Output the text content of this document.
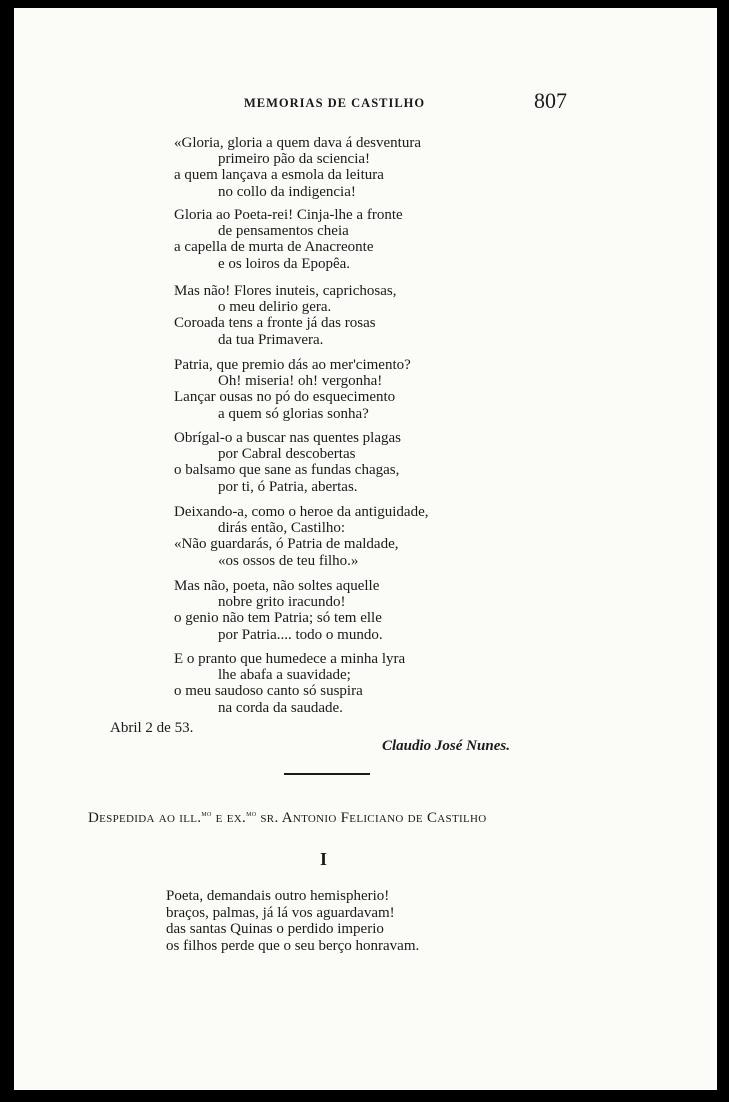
MEMORIAS DE CASTILHO	807
«Gloria, gloria a quem dava á desventura
primeiro pão da sciencia!
a quem lançava a esmola da leitura
no collo da indigencia!
Gloria ao Poeta-rei! Cinja-lhe a fronte
de pensamentos cheia
a capella de murta de Anacreonte
e os loiros da Epopêa.
Mas não! Flores inuteis, caprichosas,
o meu delirio gera.
Coroada tens a fronte já das rosas
da tua Primavera.
Patria, que premio dás ao mer'cimento?
Oh! miseria! oh! vergonha!
Lançar ousas no pó do esquecimento
a quem só glorias sonha?
Obrígal-o a buscar nas quentes plagas
por Cabral descobertas
o balsamo que sane as fundas chagas,
por ti, ó Patria, abertas.
Deixando-a, como o heroe da antiguidade,
dirás então, Castilho:
«Não guardarás, ó Patria de maldade,
«os ossos de teu filho.»
Mas não, poeta, não soltes aquelle
nobre grito iracundo!
o genio não tem Patria; só tem elle
por Patria.... todo o mundo.
E o pranto que humedece a minha lyra
lhe abafa a suavidade;
o meu saudoso canto só suspira
na corda da saudade.
Abril 2 de 53.
Claudio José Nunes.
Despedida ao ill.$^{mo}$ e ex.$^{mo}$ sr. Antonio Feliciano de Castilho
I
Poeta, demandais outro hemispherio!
braços, palmas, já lá vos aguardavam!
das santas Quinas o perdido imperio
os filhos perde que o seu berço honravam.
